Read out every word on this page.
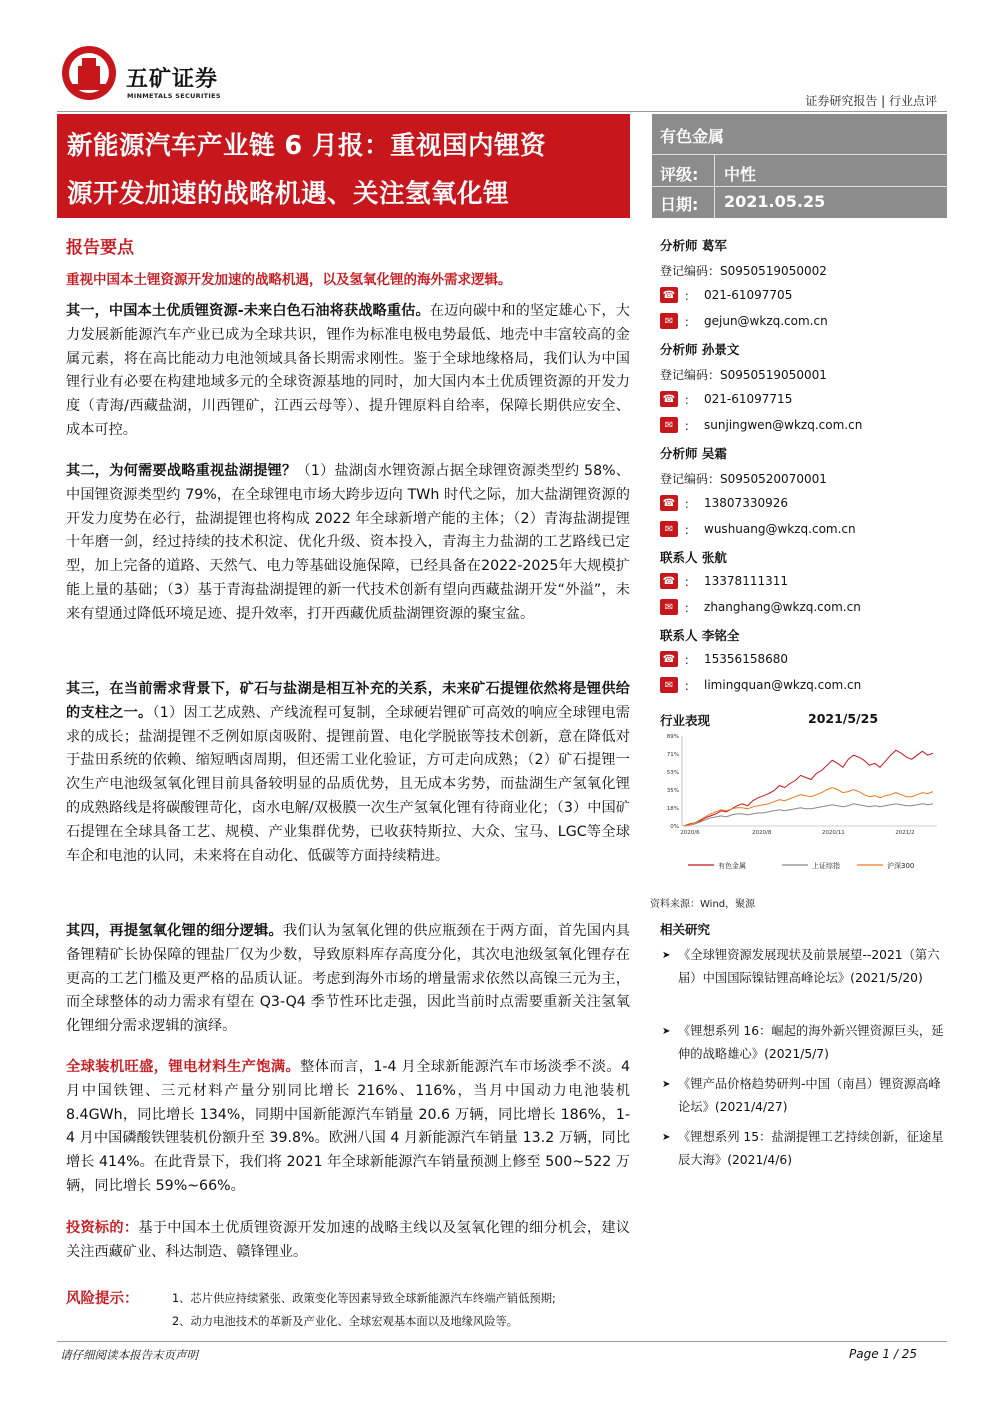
五矿证券
MINMETALS SECURITIES	证券研究报告 | 行业点评
新能源汽车产业链 6 月报：重视国内锂资
源开发加速的战略机遇、关注氢氧化锂
有色金属
评级: 中性
日期: 2021.05.25
报告要点
重视中国本土锂资源开发加速的战略机遇，以及氢氧化锂的海外需求逻辑。
其一，中国本土优质锂资源-未来白色石油将获战略重估。在迈向碳中和的坚定雄心下，大力发展新能源汽车产业已成为全球共识，锂作为标准电极电势最低、地壳中丰富较高的金属元素，将在高比能动力电池领域具备长期需求刚性。鉴于全球地缘格局，我们认为中国锂行业有必要在构建地域多元的全球资源基地的同时，加大国内本土优质锂资源的开发力度（青海/西藏盐湖，川西锂矿，江西云母等）、提升锂原料自给率，保障长期供应安全、成本可控。
其二，为何需要战略重视盐湖提锂？（1）盐湖卤水锂资源占据全球锂资源类型约 58%、中国锂资源类型约 79%，在全球锂电市场大跨步迈向 TWh 时代之际，加大盐湖锂资源的开发力度势在必行，盐湖提锂也将构成 2022 年全球新增产能的主体；（2）青海盐湖提锂十年磨一剑，经过持续的技术积淀、优化升级、资本投入，青海主力盐湖的工艺路线已定型，加上完备的道路、天然气、电力等基础设施保障，已经具备在2022-2025年大规模扩能上量的基础；（3）基于青海盐湖提锂的新一代技术创新有望向西藏盐湖开发“外溢”，未来有望通过降低环境足迹、提升效率，打开西藏优质盐湖锂资源的聚宝盆。
其三，在当前需求背景下，矿石与盐湖是相互补充的关系，未来矿石提锂依然将是锂供给的支柱之一。（1）因工艺成熟、产线流程可复制，全球硬岩锂矿可高效的响应全球锂电需求的成长；盐湖提锂不乏例如原卤吸附、提锂前置、电化学脱嵌等技术创新，意在降低对于盐田系统的依赖、缩短晒卤周期，但还需工业化验证，方可走向成熟；（2）矿石提锂一次生产电池级氢氧化锂目前具备较明显的品质优势，且无成本劣势，而盐湖生产氢氧化锂的成熟路线是将碳酸锂苛化，卤水电解/双极膜一次生产氢氧化锂有待商业化；（3）中国矿石提锂在全球具备工艺、规模、产业集群优势，已收获特斯拉、大众、宝马、LGC等全球车企和电池的认同，未来将在自动化、低碳等方面持续精进。
其四，再提氢氧化锂的细分逻辑。我们认为氢氧化锂的供应瓶颈在于两方面，首先国内具备锂精矿长协保障的锂盐厂仅为少数，导致原料库存高度分化，其次电池级氢氧化锂存在更高的工艺门槛及更严格的品质认证。考虑到海外市场的增量需求依然以高镍三元为主，而全球整体的动力需求有望在 Q3-Q4 季节性环比走强，因此当前时点需要重新关注氢氧化锂细分需求逻辑的演绎。
全球装机旺盛，锂电材料生产饱满。整体而言，1-4 月全球新能源汽车市场淡季不淡。4 月中国铁锂、三元材料产量分别同比增长 216%、116%，当月中国动力电池装机 8.4GWh，同比增长 134%，同期中国新能源汽车销量 20.6 万辆，同比增长 186%，1-4 月中国磷酸铁锂装机份额升至 39.8%。欧洲八国 4 月新能源汽车销量 13.2 万辆，同比增长 414%。在此背景下，我们将 2021 年全球新能源汽车销量预测上修至 500~522 万辆，同比增长 59%~66%。
投资标的：基于中国本土优质锂资源开发加速的战略主线以及氢氧化锂的细分机会，建议关注西藏矿业、科达制造、赣锋锂业。
风险提示：	1、芯片供应持续紧张、政策变化等因素导致全球新能源汽车终端产销低预期;
2、动力电池技术的革新及产业化、全球宏观基本面以及地缘风险等。
分析师 葛军
登记编码：S0950519050002
☎ ： 021-61097705
✉ ： gejun@wkzq.com.cn
分析师 孙景文
登记编码：S0950519050001
☎ ： 021-61097715
✉ ： sunjingwen@wkzq.com.cn
分析师 吴霜
登记编码：S0950520070001
☎ ： 13807330926
✉ ： wushuang@wkzq.com.cn
联系人 张航
☎ ： 13378111311
✉ ： zhanghang@wkzq.com.cn
联系人 李铭全
☎ ： 15356158680
✉ ： limingquan@wkzq.com.cn
行业表现	2021/5/25
0%
18%
35%
53%
71%
89%
2020/6	2020/8	2020/11	2021/2
有色金属	上证综指	沪深300
资料来源：Wind，聚源
相关研究
➤ 《全球锂资源发展现状及前景展望--2021（第六届）中国国际镍钴锂高峰论坛》(2021/5/20)
➤ 《锂想系列 16：崛起的海外新兴锂资源巨头，延伸的战略雄心》(2021/5/7)
➤ 《锂产品价格趋势研判-中国（南昌）锂资源高峰论坛》(2021/4/27)
➤ 《锂想系列 15：盐湖提锂工艺持续创新，征途星辰大海》(2021/4/6)
请仔细阅读本报告末页声明	Page 1 / 25
